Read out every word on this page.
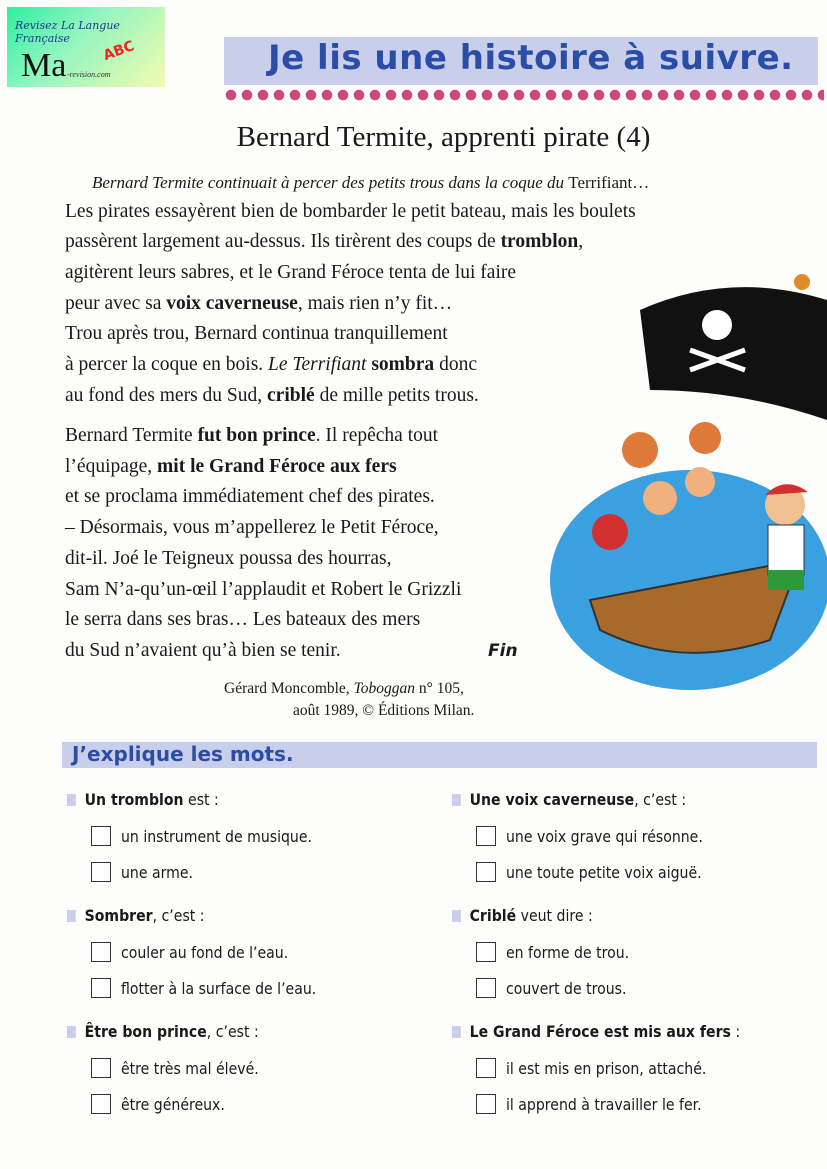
Revisez La Langue Française
Ma ABC
-revision.com	Je lis une histoire à suivre.
Bernard Termite, apprenti pirate (4)
Bernard Termite continuait à percer des petits trous dans la coque du Terrifiant…
Les pirates essayèrent bien de bombarder le petit bateau, mais les boulets
passèrent largement au-dessus. Ils tirèrent des coups de tromblon,
agitèrent leurs sabres, et le Grand Féroce tenta de lui faire
peur avec sa voix caverneuse, mais rien n’y fit…
Trou après trou, Bernard continua tranquillement
à percer la coque en bois. Le Terrifiant sombra donc
au fond des mers du Sud, criblé de mille petits trous.
Bernard Termite fut bon prince. Il repêcha tout
l’équipage, mit le Grand Féroce aux fers
et se proclama immédiatement chef des pirates.
– Désormais, vous m’appellerez le Petit Féroce,
dit-il. Joé le Teigneux poussa des hourras,
Sam N’a-qu’un-œil l’applaudit et Robert le Grizzli
le serra dans ses bras… Les bateaux des mers
du Sud n’avaient qu’à bien se tenir.	Fin
Gérard Moncomble, Toboggan n° 105,
août 1989, © Éditions Milan.
J’explique les mots.
Un tromblon est :
un instrument de musique.
une arme.
Une voix caverneuse, c’est :
une voix grave qui résonne.
une toute petite voix aiguë.
Sombrer, c’est :
couler au fond de l’eau.
flotter à la surface de l’eau.
Criblé veut dire :
en forme de trou.
couvert de trous.
Être bon prince, c’est :
être très mal élevé.
être généreux.
Le Grand Féroce est mis aux fers :
il est mis en prison, attaché.
il apprend à travailler le fer.
